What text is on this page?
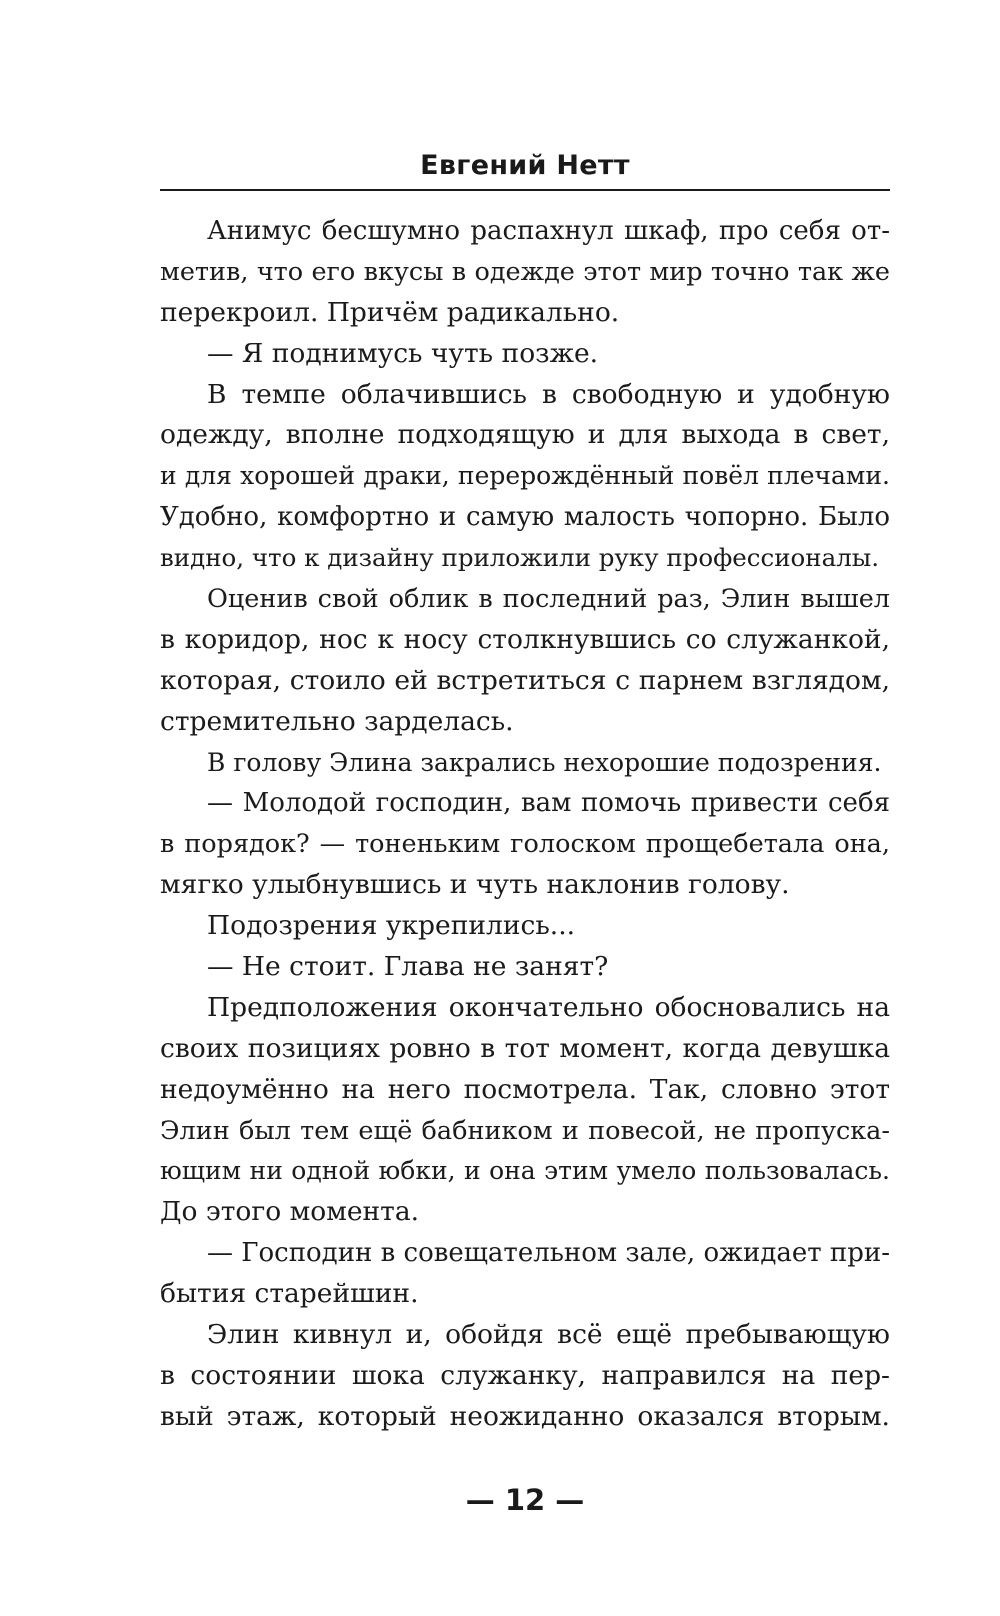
Евгений Нетт
Анимус бесшумно распахнул шкаф, про себя от-
метив, что его вкусы в одежде этот мир точно так же
перекроил. Причём радикально.
— Я поднимусь чуть позже.
В темпе облачившись в свободную и удобную
одежду, вполне подходящую и для выхода в свет,
и для хорошей драки, перерождённый повёл плечами.
Удобно, комфортно и самую малость чопорно. Было
видно, что к дизайну приложили руку профессионалы.
Оценив свой облик в последний раз, Элин вышел
в коридор, нос к носу столкнувшись со служанкой,
которая, стоило ей встретиться с парнем взглядом,
стремительно зарделась.
В голову Элина закрались нехорошие подозрения.
— Молодой господин, вам помочь привести себя
в порядок? — тоненьким голоском прощебетала она,
мягко улыбнувшись и чуть наклонив голову.
Подозрения укрепились...
— Не стоит. Глава не занят?
Предположения окончательно обосновались на
своих позициях ровно в тот момент, когда девушка
недоумённо на него посмотрела. Так, словно этот
Элин был тем ещё бабником и повесой, не пропуска-
ющим ни одной юбки, и она этим умело пользовалась.
До этого момента.
— Господин в совещательном зале, ожидает при-
бытия старейшин.
Элин кивнул и, обойдя всё ещё пребывающую
в состоянии шока служанку, направился на пер-
вый этаж, который неожиданно оказался вторым.
— 12 —
